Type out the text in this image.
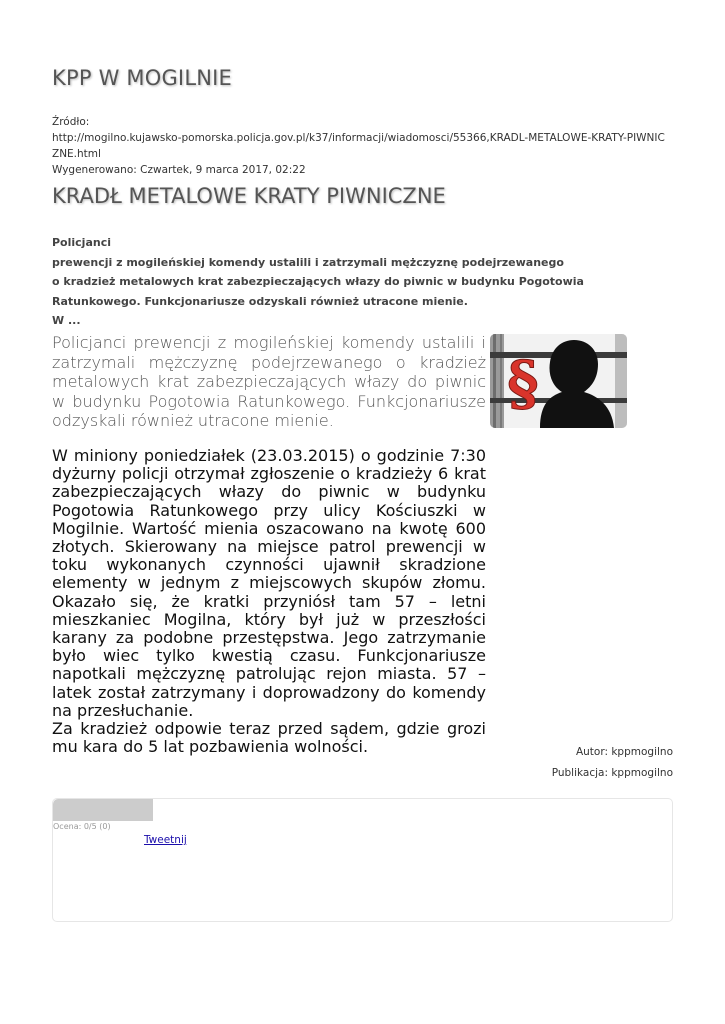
KPP W MOGILNIE
Źródło:
http://mogilno.kujawsko-pomorska.policja.gov.pl/k37/informacji/wiadomosci/55366,KRADL-METALOWE-KRATY-PIWNICZNE.html
Wygenerowano: Czwartek, 9 marca 2017, 02:22
KRADŁ METALOWE KRATY PIWNICZNE
Policjanci
prewencji z mogileńskiej komendy ustalili i zatrzymali mężczyznę podejrzewanego
o kradzież metalowych krat zabezpieczających włazy do piwnic w budynku Pogotowia
Ratunkowego. Funkcjonariusze odzyskali również utracone mienie.
W ...
Policjanci prewencji z mogileńskiej komendy ustalili i zatrzymali mężczyznę podejrzewanego o kradzież metalowych krat zabezpieczających włazy do piwnic w budynku Pogotowia Ratunkowego. Funkcjonariusze odzyskali również utracone mienie.
§

W miniony poniedziałek (23.03.2015) o godzinie 7:30 dyżurny policji otrzymał zgłoszenie o kradzieży 6 krat zabezpieczających włazy do piwnic w budynku Pogotowia Ratunkowego przy ulicy Kościuszki w Mogilnie. Wartość mienia oszacowano na kwotę 600 złotych. Skierowany na miejsce patrol prewencji w toku wykonanych czynności ujawnił skradzione elementy w jednym z miejscowych skupów złomu. Okazało się, że kratki przyniósł tam 57 – letni mieszkaniec Mogilna, który był już w przeszłości karany za podobne przestępstwa. Jego zatrzymanie było wiec tylko kwestią czasu. Funkcjonariusze napotkali mężczyznę patrolując rejon miasta. 57 – latek został zatrzymany i doprowadzony do komendy na przesłuchanie.

Za kradzież odpowie teraz przed sądem, gdzie grozi mu kara do 5 lat pozbawienia wolności.	Autor: kppmogilno
Publikacja: kppmogilno
Ocena: 0/5 (0)
Tweetnij
